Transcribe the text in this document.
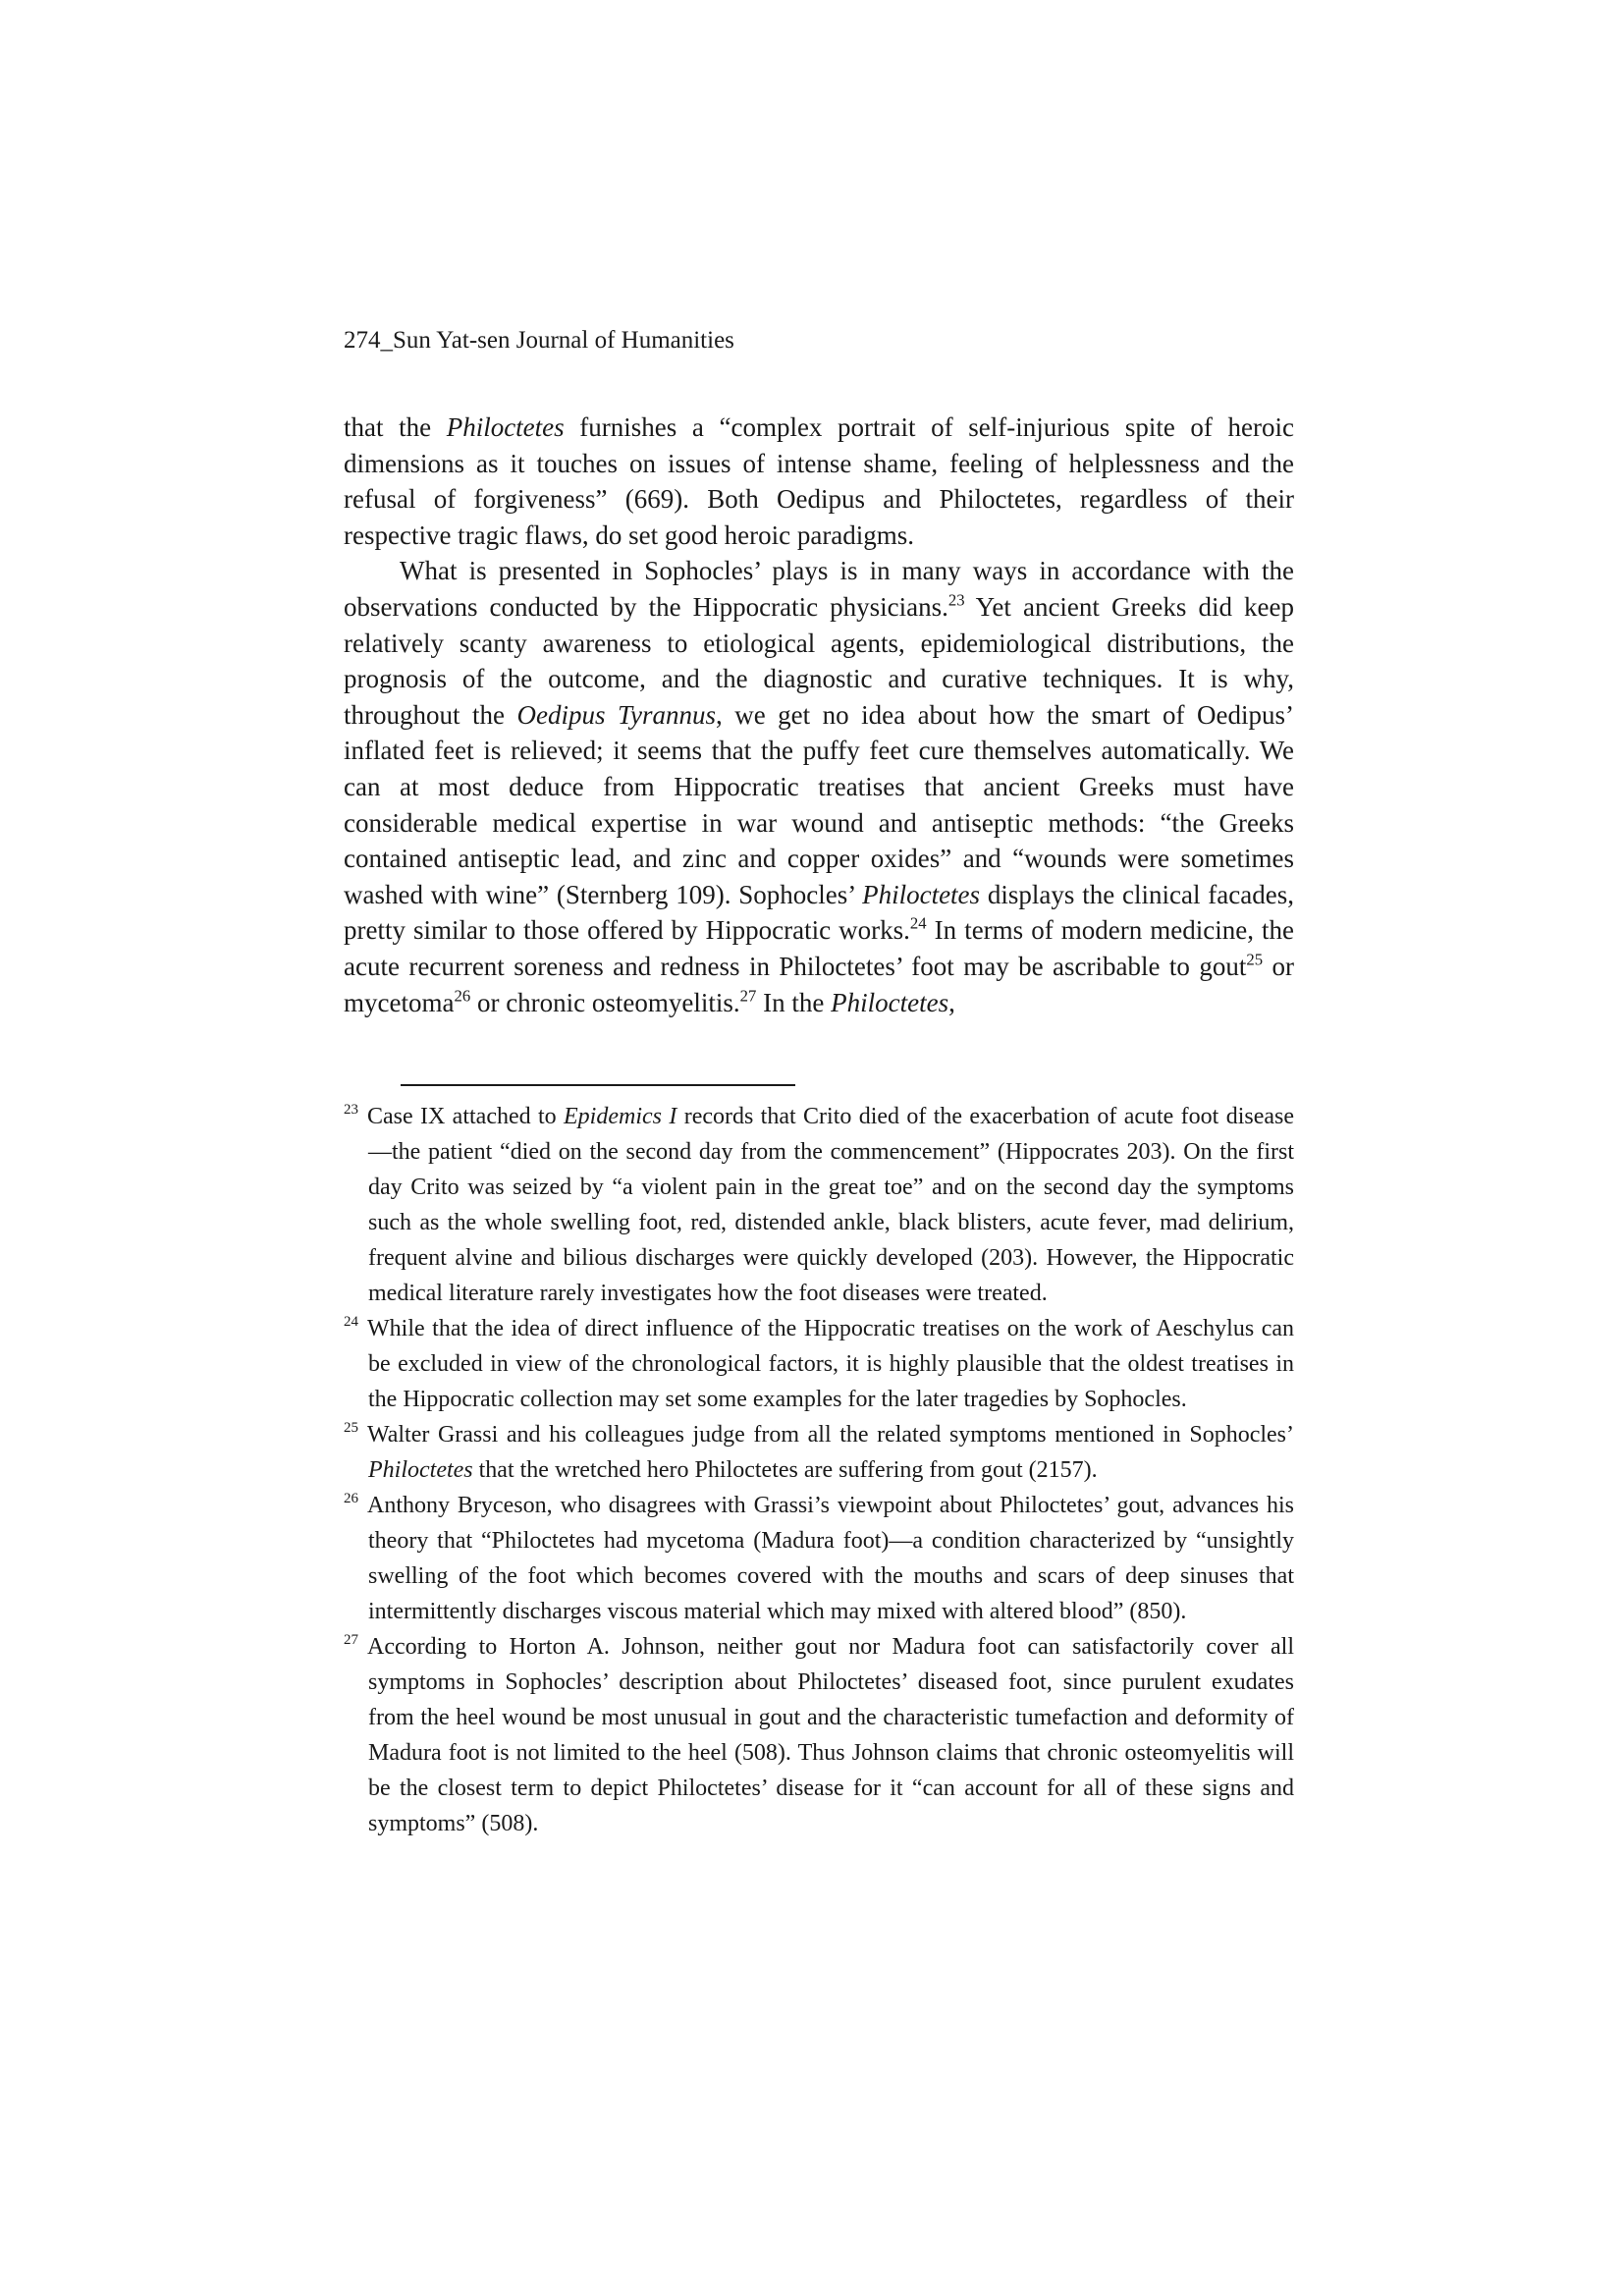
274_Sun Yat-sen Journal of Humanities

that the Philoctetes furnishes a “complex portrait of self-injurious spite of heroic dimensions as it touches on issues of intense shame, feeling of helplessness and the refusal of forgiveness” (669). Both Oedipus and Philoctetes, regardless of their respective tragic flaws, do set good heroic paradigms.

What is presented in Sophocles’ plays is in many ways in accordance with the observations conducted by the Hippocratic physicians.$^{23}$ Yet ancient Greeks did keep relatively scanty awareness to etiological agents, epidemiological distributions, the prognosis of the outcome, and the diagnostic and curative techniques. It is why, throughout the Oedipus Tyrannus, we get no idea about how the smart of Oedipus’ inflated feet is relieved; it seems that the puffy feet cure themselves automatically. We can at most deduce from Hippocratic treatises that ancient Greeks must have considerable medical expertise in war wound and antiseptic methods: “the Greeks contained antiseptic lead, and zinc and copper oxides” and “wounds were sometimes washed with wine” (Sternberg 109). Sophocles’ Philoctetes displays the clinical facades, pretty similar to those offered by Hippocratic works.$^{24}$ In terms of modern medicine, the acute recurrent soreness and redness in Philoctetes’ foot may be ascribable to gout$^{25}$ or mycetoma$^{26}$ or chronic osteomyelitis.$^{27}$ In the Philoctetes,

23 Case IX attached to Epidemics I records that Crito died of the exacerbation of acute foot disease—the patient “died on the second day from the commencement” (Hippocrates 203). On the first day Crito was seized by “a violent pain in the great toe” and on the second day the symptoms such as the whole swelling foot, red, distended ankle, black blisters, acute fever, mad delirium, frequent alvine and bilious discharges were quickly developed (203). However, the Hippocratic medical literature rarely investigates how the foot diseases were treated.

24 While that the idea of direct influence of the Hippocratic treatises on the work of Aeschylus can be excluded in view of the chronological factors, it is highly plausible that the oldest treatises in the Hippocratic collection may set some examples for the later tragedies by Sophocles.

25 Walter Grassi and his colleagues judge from all the related symptoms mentioned in Sophocles’ Philoctetes that the wretched hero Philoctetes are suffering from gout (2157).

26 Anthony Bryceson, who disagrees with Grassi’s viewpoint about Philoctetes’ gout, advances his theory that “Philoctetes had mycetoma (Madura foot)—a condition characterized by “unsightly swelling of the foot which becomes covered with the mouths and scars of deep sinuses that intermittently discharges viscous material which may mixed with altered blood” (850).

27 According to Horton A. Johnson, neither gout nor Madura foot can satisfactorily cover all symptoms in Sophocles’ description about Philoctetes’ diseased foot, since purulent exudates from the heel wound be most unusual in gout and the characteristic tumefaction and deformity of Madura foot is not limited to the heel (508). Thus Johnson claims that chronic osteomyelitis will be the closest term to depict Philoctetes’ disease for it “can account for all of these signs and symptoms” (508).
